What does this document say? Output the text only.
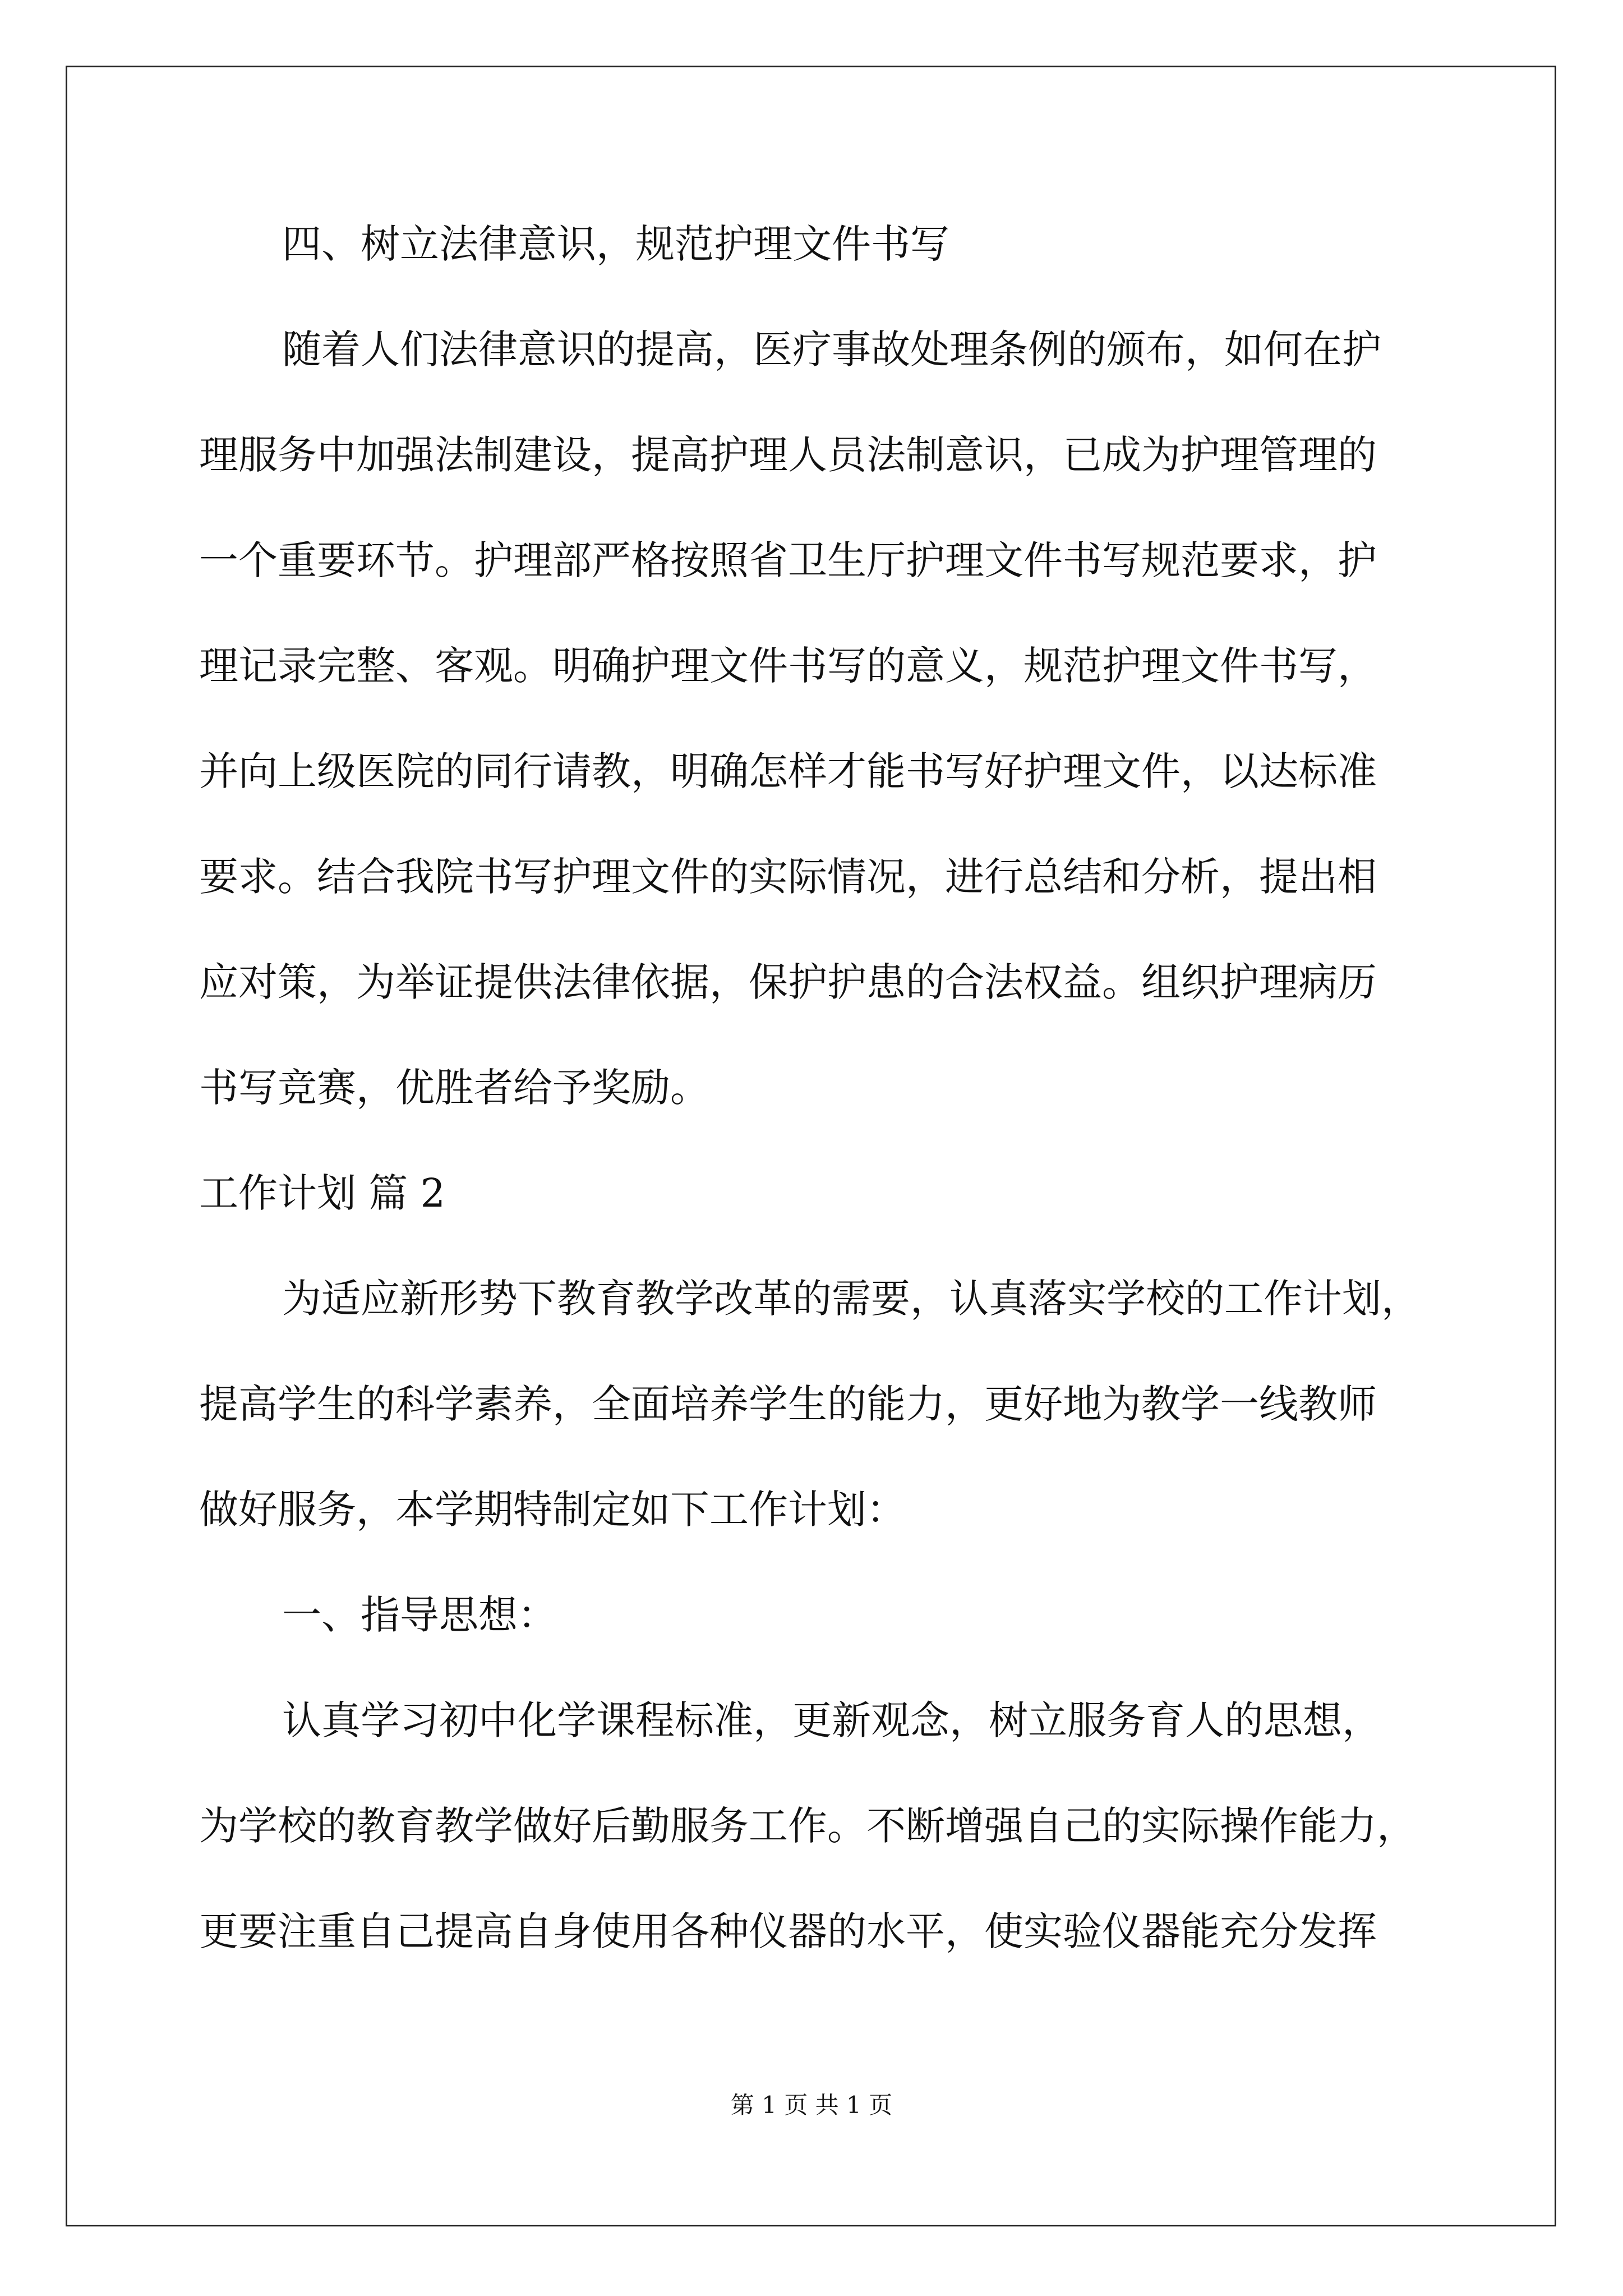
四、树立法律意识，规范护理文件书写
随着人们法律意识的提高，医疗事故处理条例的颁布，如何在护
理服务中加强法制建设，提高护理人员法制意识，已成为护理管理的
一个重要环节。护理部严格按照省卫生厅护理文件书写规范要求，护
理记录完整、客观。明确护理文件书写的意义，规范护理文件书写，
并向上级医院的同行请教，明确怎样才能书写好护理文件，以达标准
要求。结合我院书写护理文件的实际情况，进行总结和分析，提出相
应对策，为举证提供法律依据，保护护患的合法权益。组织护理病历
书写竞赛，优胜者给予奖励。
工作计划 篇 2
为适应新形势下教育教学改革的需要，认真落实学校的工作计划，
提高学生的科学素养，全面培养学生的能力，更好地为教学一线教师
做好服务，本学期特制定如下工作计划：
一、指导思想：
认真学习初中化学课程标准，更新观念，树立服务育人的思想，
为学校的教育教学做好后勤服务工作。不断增强自己的实际操作能力，
更要注重自己提高自身使用各种仪器的水平，使实验仪器能充分发挥
第 1 页 共 1 页
